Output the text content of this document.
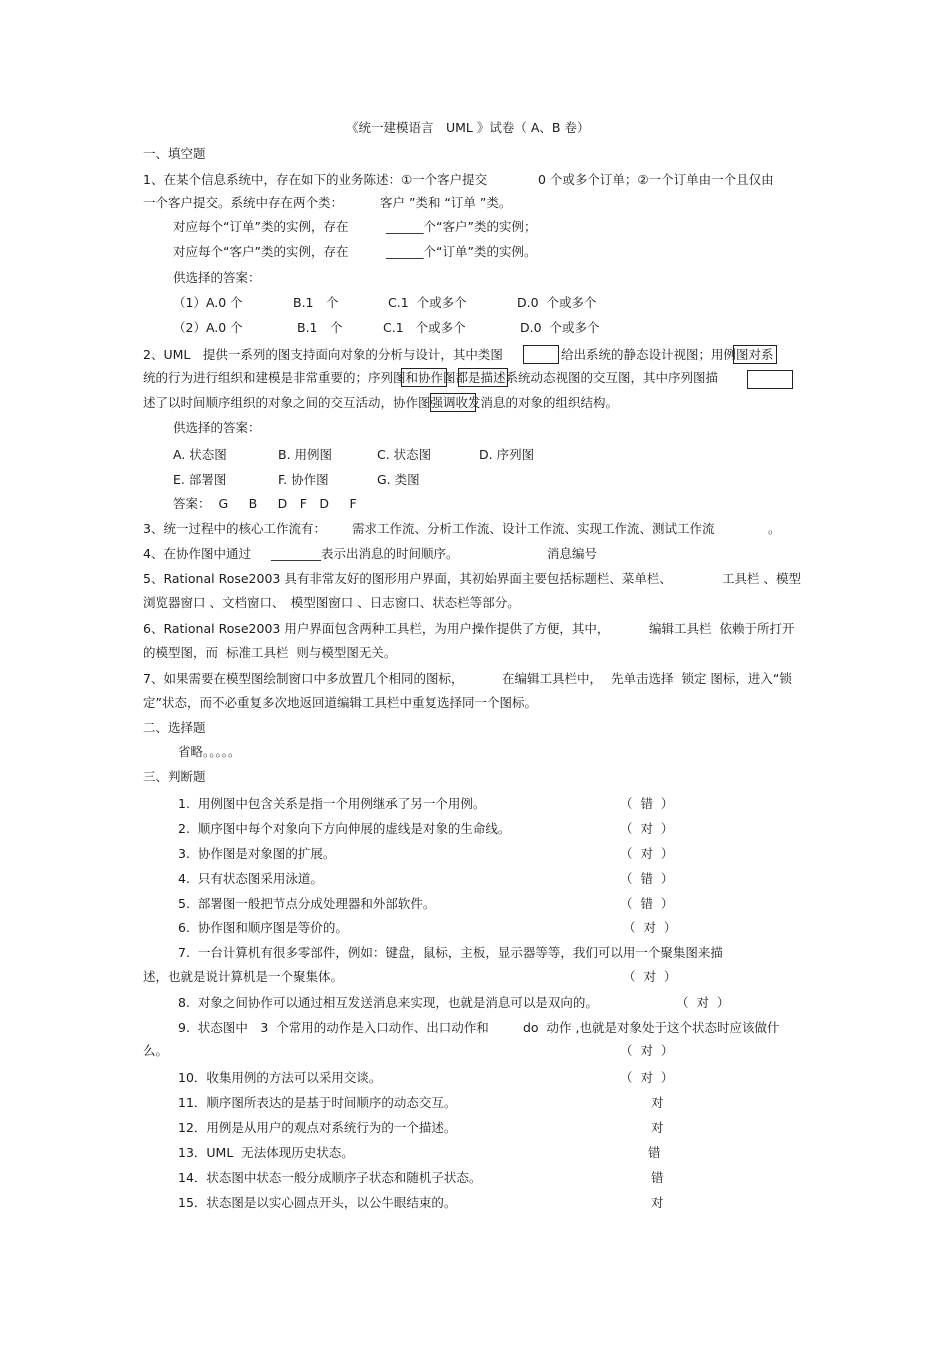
《统一建模语言　UML 》试卷（ A、B 卷）
一、填空题
1、在某个信息系统中，存在如下的业务陈述：①一个客户提交	0 个或多个订单；②一个订单由一个且仅由
一个客户提交。系统中存在两个类：	客户 ”类和 “订单 ”类。
对应每个“订单”类的实例，存在	______个“客户”类的实例；
对应每个“客户”类的实例，存在	______个“订单”类的实例。
供选择的答案：
（1）A.0 个	B.1　个	C.1  个或多个	D.0  个或多个
（2）A.0 个	B.1　个	C.1   个或多个	D.0  个或多个
2、UML　提供一系列的图支持面向对象的分析与设计，其中类图	给出系统的静态设计视图；用例图对系
统的行为进行组织和建模是非常重要的；序列图和协作图都是描述系统动态视图的交互图，其中序列图描
述了以时间顺序组织的对象之间的交互活动，协作图强调收发消息的对象的组织结构。
供选择的答案：
A. 状态图	B. 用例图	C. 状态图	D. 序列图
E. 部署图	F. 协作图	G. 类图
答案：  G　  B　  D　F　D　  F
3、统一过程中的核心工作流有： 需求工作流、分析工作流、设计工作流、实现工作流、测试工作流	。
4、在协作图中通过 ________表示出消息的时间顺序。	消息编号
5、Rational Rose2003 具有非常友好的图形用户界面，其初始界面主要包括标题栏、菜单栏、	工具栏 、模型
浏览器窗口 、文档窗口、　模型图窗口 、日志窗口、状态栏等部分。
6、Rational Rose2003 用户界面包含两种工具栏，为用户操作提供了方便，其中，	编辑工具栏  依赖于所打开
的模型图，而  标准工具栏  则与模型图无关。
7、如果需要在模型图绘制窗口中多放置几个相同的图标，	在编辑工具栏中， 先单击选择  锁定 图标，进入“锁
定”状态，而不必重复多次地返回道编辑工具栏中重复选择同一个图标。
二、选择题
省略。。。。。
三、判断题
1.  用例图中包含关系是指一个用例继承了另一个用例。	（  错  ）
2.  顺序图中每个对象向下方向伸展的虚线是对象的生命线。	（  对  ）
3.  协作图是对象图的扩展。	（  对  ）
4.  只有状态图采用泳道。	（  错  ）
5.  部署图一般把节点分成处理器和外部软件。	（  错  ）
6.  协作图和顺序图是等价的。	（  对  ）
7.  一台计算机有很多零部件，例如：键盘，鼠标，主板，显示器等等，我们可以用一个聚集图来描
述，也就是说计算机是一个聚集体。	（  对  ）
8.  对象之间协作可以通过相互发送消息来实现，也就是消息可以是双向的。	（  对  ）
9.  状态图中　3  个常用的动作是入口动作、出口动作和	do  动作 ,也就是对象处于这个状态时应该做什
么。	（  对  ）
10．收集用例的方法可以采用交谈。	（  对  ）
11．顺序图所表达的是基于时间顺序的动态交互。	对
12．用例是从用户的观点对系统行为的一个描述。	对
13．UML  无法体现历史状态。	错
14．状态图中状态一般分成顺序子状态和随机子状态。	错
15．状态图是以实心圆点开头，以公牛眼结束的。	对
